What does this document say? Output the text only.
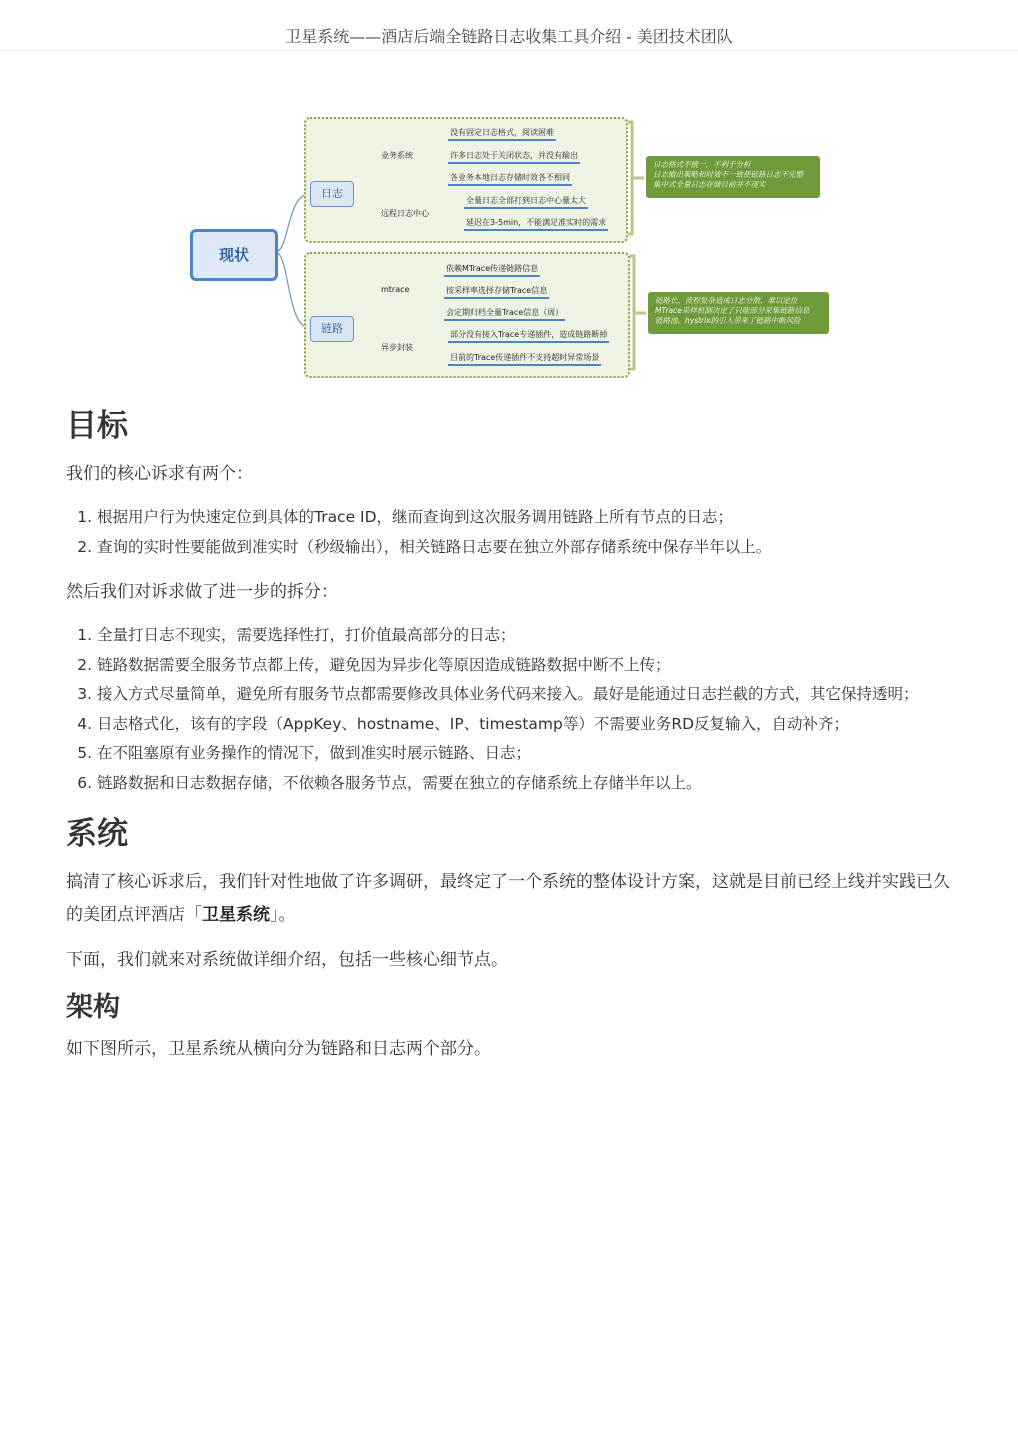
卫星系统——酒店后端全链路日志收集工具介绍 - 美团技术团队
现状
日志
链路
业务系统
远程日志中心
mtrace
异步封装
没有固定日志格式，阅读困难
许多日志处于关闭状态，并没有输出
各业务本地日志存储时效各不相同
全量日志全部打到日志中心量太大
延迟在3-5min，不能满足准实时的需求
依赖MTrace传递链路信息
按采样率选择存储Trace信息
会定期归档全量Trace信息（周）
部分没有接入Trace专递插件，造成链路断掉
目前的Trace传递插件不支持超时异常场景
日志格式不统一，不利于分析
日志输出策略和时效不一致使链路日志不完整
集中式全量日志存储目前并不现实
链路长、流程复杂造成日志分散、难以定位
MTrace采样机制决定了只能部分采集链路信息
链路池、hystrix的引入带来了链路中断风险
目标

我们的核心诉求有两个：

1. 根据用户行为快速定位到具体的Trace ID，继而查询到这次服务调用链路上所有节点的日志；
2. 查询的实时性要能做到准实时（秒级输出），相关链路日志要在独立外部存储系统中保存半年以上。

然后我们对诉求做了进一步的拆分：

1. 全量打日志不现实，需要选择性打，打价值最高部分的日志；
2. 链路数据需要全服务节点都上传，避免因为异步化等原因造成链路数据中断不上传；
3. 接入方式尽量简单，避免所有服务节点都需要修改具体业务代码来接入。最好是能通过日志拦截的方式，其它保持透明；
4. 日志格式化，该有的字段（AppKey、hostname、IP、timestamp等）不需要业务RD反复输入，自动补齐；
5. 在不阻塞原有业务操作的情况下，做到准实时展示链路、日志；
6. 链路数据和日志数据存储，不依赖各服务节点，需要在独立的存储系统上存储半年以上。
系统

搞清了核心诉求后，我们针对性地做了许多调研，最终定了一个系统的整体设计方案，这就是目前已经上线并实践已久的美团点评酒店「卫星系统」。

下面，我们就来对系统做详细介绍，包括一些核心细节点。

架构

如下图所示，卫星系统从横向分为链路和日志两个部分。
